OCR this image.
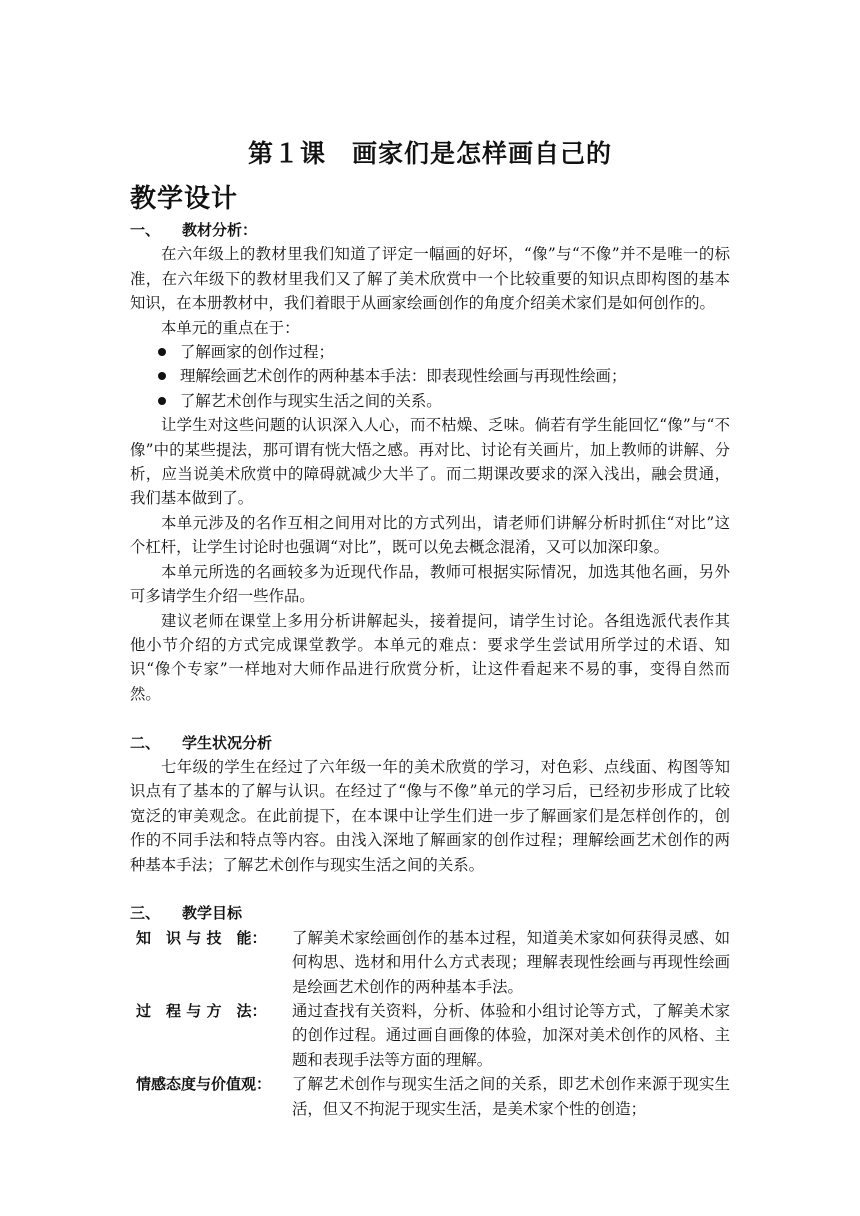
第１课　画家们是怎样画自己的
教学设计

一、 教材分析：

在六年级上的教材里我们知道了评定一幅画的好坏，“像”与“不像”并不是唯一的标准，在六年级下的教材里我们又了解了美术欣赏中一个比较重要的知识点即构图的基本知识，在本册教材中，我们着眼于从画家绘画创作的角度介绍美术家们是如何创作的。

本单元的重点在于：

了解画家的创作过程；
理解绘画艺术创作的两种基本手法：即表现性绘画与再现性绘画；
了解艺术创作与现实生活之间的关系。

让学生对这些问题的认识深入人心，而不枯燥、乏味。倘若有学生能回忆“像”与“不像”中的某些提法，那可谓有恍大悟之感。再对比、讨论有关画片，加上教师的讲解、分析，应当说美术欣赏中的障碍就减少大半了。而二期课改要求的深入浅出，融会贯通，我们基本做到了。

本单元涉及的名作互相之间用对比的方式列出，请老师们讲解分析时抓住“对比”这个杠杆，让学生讨论时也强调“对比”，既可以免去概念混淆，又可以加深印象。

本单元所选的名画较多为近现代作品，教师可根据实际情况，加选其他名画，另外可多请学生介绍一些作品。

建议老师在课堂上多用分析讲解起头，接着提问，请学生讨论。各组选派代表作其他小节介绍的方式完成课堂教学。本单元的难点：要求学生尝试用所学过的术语、知识“像个专家”一样地对大师作品进行欣赏分析，让这件看起来不易的事，变得自然而然。

二、 学生状况分析

七年级的学生在经过了六年级一年的美术欣赏的学习，对色彩、点线面、构图等知识点有了基本的了解与认识。在经过了“像与不像”单元的学习后，已经初步形成了比较宽泛的审美观念。在此前提下，在本课中让学生们进一步了解画家们是怎样创作的，创作的不同手法和特点等内容。由浅入深地了解画家的创作过程；理解绘画艺术创作的两种基本手法；了解艺术创作与现实生活之间的关系。

三、 教学目标

知　识 与 技　能：	了解美术家绘画创作的基本过程，知道美术家如何获得灵感、如何构思、选材和用什么方式表现；理解表现性绘画与再现性绘画是绘画艺术创作的两种基本手法。
过　程 与 方　法：	通过查找有关资料，分析、体验和小组讨论等方式，了解美术家的创作过程。通过画自画像的体验，加深对美术创作的风格、主题和表现手法等方面的理解。
情感态度与价值观：	了解艺术创作与现实生活之间的关系，即艺术创作来源于现实生活，但又不拘泥于现实生活，是美术家个性的创造；
